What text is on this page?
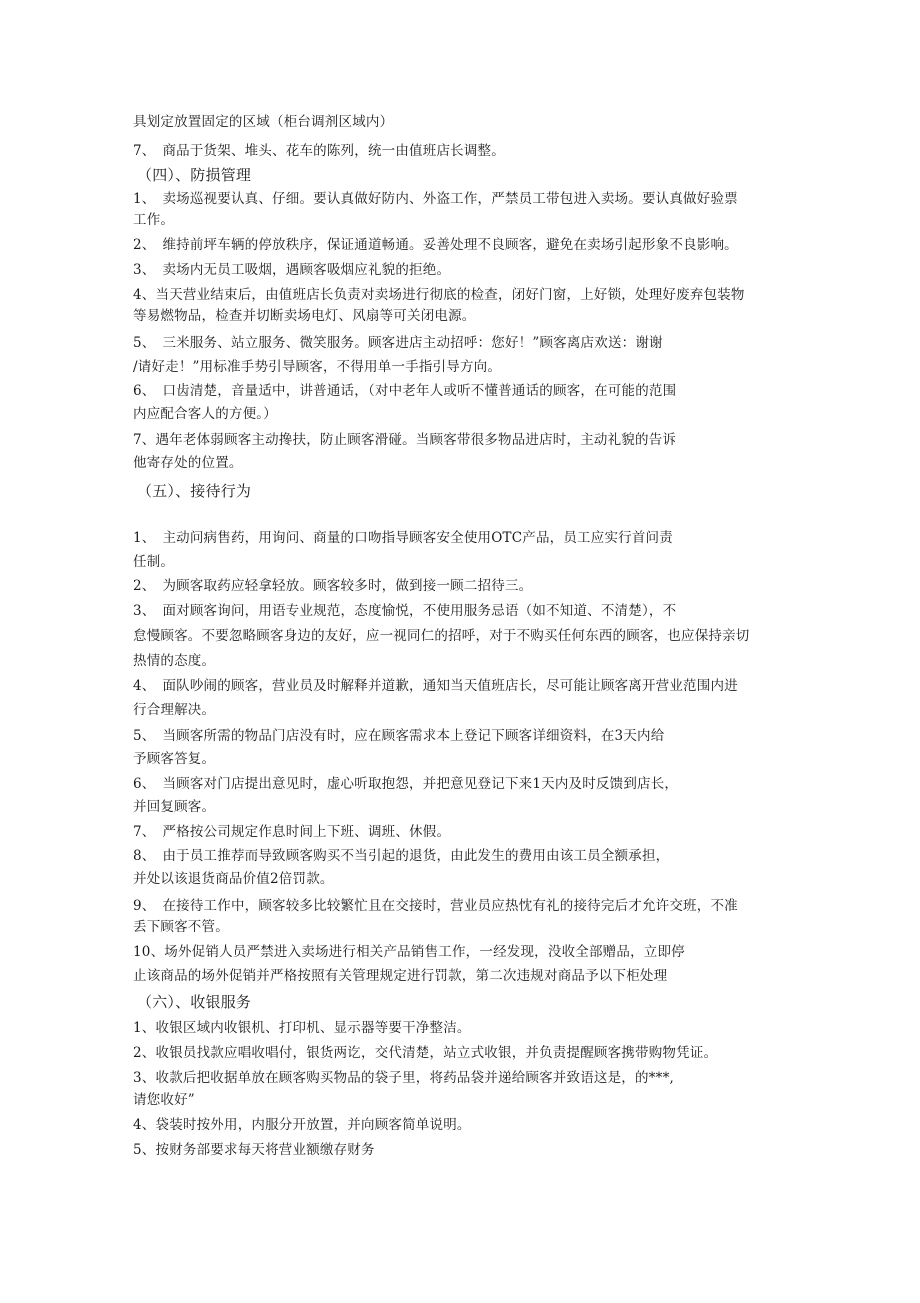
具划定放置固定的区域（柜台调剂区域内）
7、　商品于货架、堆头、花车的陈列，统一由值班店长调整。
（四）、防损管理
1、　卖场巡视要认真、仔细。要认真做好防内、外盗工作，严禁员工带包进入卖场。要认真做好验票
工作。
2、　维持前坪车辆的停放秩序，保证通道畅通。妥善处理不良顾客，避免在卖场引起形象不良影响。
3、　卖场内无员工吸烟，遇顾客吸烟应礼貌的拒绝。
4、当天营业结束后，由值班店长负责对卖场进行彻底的检查，闭好门窗，上好锁，处理好废弃包装物
等易燃物品，检查并切断卖场电灯、风扇等可关闭电源。
5、　三米服务、站立服务、微笑服务。顾客进店主动招呼：您好！”顾客离店欢送：谢谢
/请好走！”用标准手势引导顾客，不得用单一手指引导方向。
6、　口齿清楚，音量适中，讲普通话，（对中老年人或听不懂普通话的顾客，在可能的范围
内应配合客人的方便。）
7、遇年老体弱顾客主动搀扶，防止顾客滑碰。当顾客带很多物品进店时，主动礼貌的告诉
他寄存处的位置。
（五）、接待行为
1、　主动问病售药，用询问、商量的口吻指导顾客安全使用OTC产品，员工应实行首问责
任制。
2、　为顾客取药应轻拿轻放。顾客较多时，做到接一顾二招待三。
3、　面对顾客询问，用语专业规范，态度愉悦，不使用服务忌语（如不知道、不清楚），不
怠慢顾客。不要忽略顾客身边的友好，应一视同仁的招呼，对于不购买任何东西的顾客，也应保持亲切
热情的态度。
4、　面队吵闹的顾客，营业员及时解释并道歉，通知当天值班店长，尽可能让顾客离开营业范围内进
行合理解决。
5、　当顾客所需的物品门店没有时，应在顾客需求本上登记下顾客详细资料，在3天内给
予顾客答复。
6、　当顾客对门店提出意见时，虚心听取抱怨，并把意见登记下来1天内及时反馈到店长，
并回复顾客。
7、　严格按公司规定作息时间上下班、调班、休假。
8、　由于员工推荐而导致顾客购买不当引起的退货，由此发生的费用由该工员全额承担，
并处以该退货商品价值2倍罚款。
9、　在接待工作中，顾客较多比较繁忙且在交接时，营业员应热忱有礼的接待完后才允许交班，不准
丢下顾客不管。
10、场外促销人员严禁进入卖场进行相关产品销售工作，一经发现，没收全部赠品，立即停
止该商品的场外促销并严格按照有关管理规定进行罚款，第二次违规对商品予以下柜处理
（六）、收银服务
1、收银区域内收银机、打印机、显示器等要干净整洁。
2、收银员找款应唱收唱付，银货两讫，交代清楚，站立式收银，并负责提醒顾客携带购物凭证。
3、收款后把收据单放在顾客购买物品的袋子里，将药品袋并递给顾客并致语这是，的***,
请您收好”
4、袋装时按外用，内服分开放置，并向顾客简单说明。
5、按财务部要求每天将营业额缴存财务
